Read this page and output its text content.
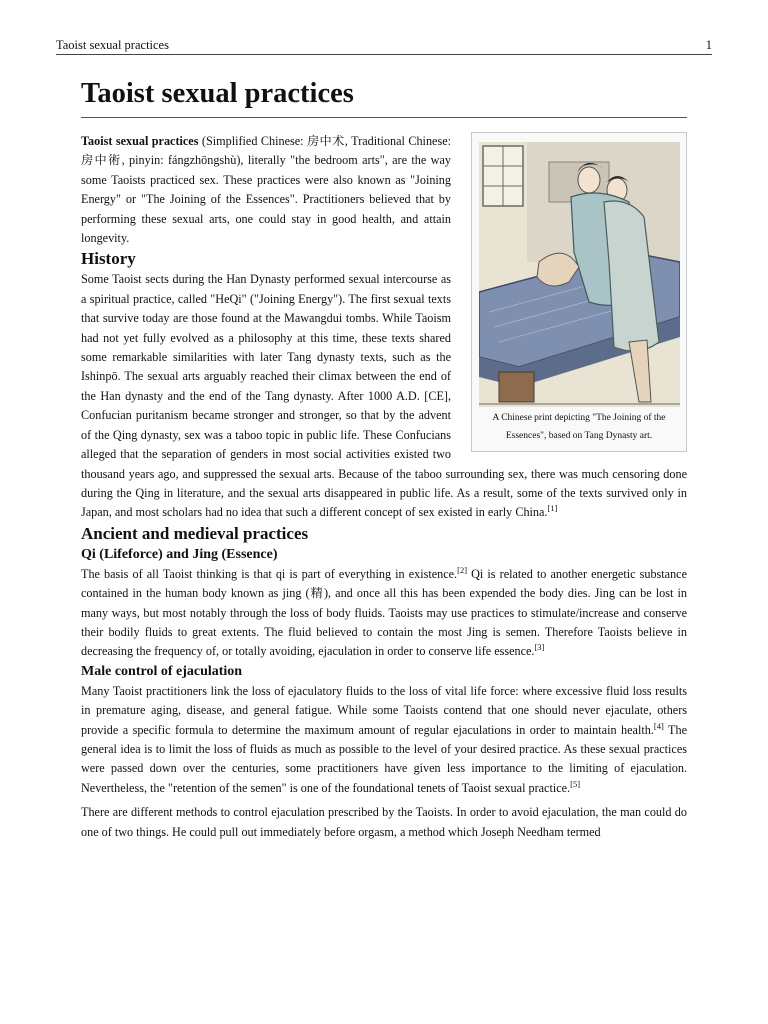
Taoist sexual practices	1
Taoist sexual practices
A Chinese print depicting "The Joining of the Essences", based on Tang Dynasty art.

Taoist sexual practices (Simplified Chinese: 房中术, Traditional Chinese: 房中術, pinyin: fángzhōngshù), literally "the bedroom arts", are the way some Taoists practiced sex. These practices were also known as "Joining Energy" or "The Joining of the Essences". Practitioners believed that by performing these sexual arts, one could stay in good health, and attain longevity.

History

Some Taoist sects during the Han Dynasty performed sexual intercourse as a spiritual practice, called "HeQi" ("Joining Energy"). The first sexual texts that survive today are those found at the Mawangdui tombs. While Taoism had not yet fully evolved as a philosophy at this time, these texts shared some remarkable similarities with later Tang dynasty texts, such as the Ishinpō. The sexual arts arguably reached their climax between the end of the Han dynasty and the end of the Tang dynasty. After 1000 A.D. [CE], Confucian puritanism became stronger and stronger, so that by the advent of the Qing dynasty, sex was a taboo topic in public life. These Confucians alleged that the separation of genders in most social activities existed two thousand years ago, and suppressed the sexual arts. Because of the taboo surrounding sex, there was much censoring done during the Qing in literature, and the sexual arts disappeared in public life. As a result, some of the texts survived only in Japan, and most scholars had no idea that such a different concept of sex existed in early China.[1]

Ancient and medieval practices
Qi (Lifeforce) and Jing (Essence)

The basis of all Taoist thinking is that qi is part of everything in existence.[2] Qi is related to another energetic substance contained in the human body known as jing (精), and once all this has been expended the body dies. Jing can be lost in many ways, but most notably through the loss of body fluids. Taoists may use practices to stimulate/increase and conserve their bodily fluids to great extents. The fluid believed to contain the most Jing is semen. Therefore Taoists believe in decreasing the frequency of, or totally avoiding, ejaculation in order to conserve life essence.[3]

Male control of ejaculation

Many Taoist practitioners link the loss of ejaculatory fluids to the loss of vital life force: where excessive fluid loss results in premature aging, disease, and general fatigue. While some Taoists contend that one should never ejaculate, others provide a specific formula to determine the maximum amount of regular ejaculations in order to maintain health.[4] The general idea is to limit the loss of fluids as much as possible to the level of your desired practice. As these sexual practices were passed down over the centuries, some practitioners have given less importance to the limiting of ejaculation. Nevertheless, the "retention of the semen" is one of the foundational tenets of Taoist sexual practice.[5]

There are different methods to control ejaculation prescribed by the Taoists. In order to avoid ejaculation, the man could do one of two things. He could pull out immediately before orgasm, a method which Joseph Needham termed
